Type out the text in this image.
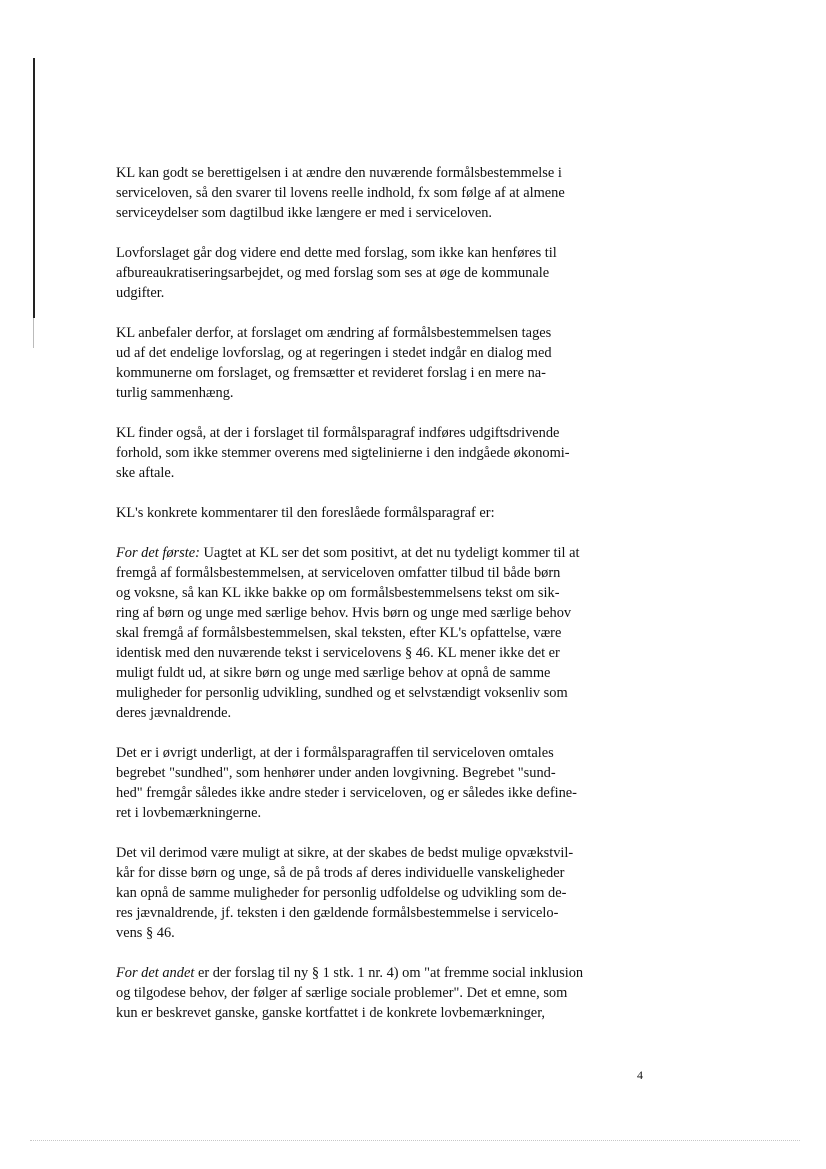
KL kan godt se berettigelsen i at ændre den nuværende formålsbestemmelse i
serviceloven, så den svarer til lovens reelle indhold, fx som følge af at almene
serviceydelser som dagtilbud ikke længere er med i serviceloven.

Lovforslaget går dog videre end dette med forslag, som ikke kan henføres til
afbureaukratiseringsarbejdet, og med forslag som ses at øge de kommunale
udgifter.

KL anbefaler derfor, at forslaget om ændring af formålsbestemmelsen tages
ud af det endelige lovforslag, og at regeringen i stedet indgår en dialog med
kommunerne om forslaget, og fremsætter et revideret forslag i en mere na-
turlig sammenhæng.

KL finder også, at der i forslaget til formålsparagraf indføres udgiftsdrivende
forhold, som ikke stemmer overens med sigtelinierne i den indgåede økonomi-
ske aftale.

KL's konkrete kommentarer til den foreslåede formålsparagraf er:

For det første: Uagtet at KL ser det som positivt, at det nu tydeligt kommer til at
fremgå af formålsbestemmelsen, at serviceloven omfatter tilbud til både børn
og voksne, så kan KL ikke bakke op om formålsbestemmelsens tekst om sik-
ring af børn og unge med særlige behov. Hvis børn og unge med særlige behov
skal fremgå af formålsbestemmelsen, skal teksten, efter KL's opfattelse, være
identisk med den nuværende tekst i servicelovens § 46. KL mener ikke det er
muligt fuldt ud, at sikre børn og unge med særlige behov at opnå de samme
muligheder for personlig udvikling, sundhed og et selvstændigt voksenliv som
deres jævnaldrende.

Det er i øvrigt underligt, at der i formålsparagraffen til serviceloven omtales
begrebet "sundhed", som henhører under anden lovgivning. Begrebet "sund-
hed" fremgår således ikke andre steder i serviceloven, og er således ikke define-
ret i lovbemærkningerne.

Det vil derimod være muligt at sikre, at der skabes de bedst mulige opvækstvil-
kår for disse børn og unge, så de på trods af deres individuelle vanskeligheder
kan opnå de samme muligheder for personlig udfoldelse og udvikling som de-
res jævnaldrende, jf. teksten i den gældende formålsbestemmelse i servicelo-
vens § 46.

For det andet er der forslag til ny § 1 stk. 1 nr. 4) om "at fremme social inklusion
og tilgodese behov, der følger af særlige sociale problemer". Det et emne, som
kun er beskrevet ganske, ganske kortfattet i de konkrete lovbemærkninger,

4
